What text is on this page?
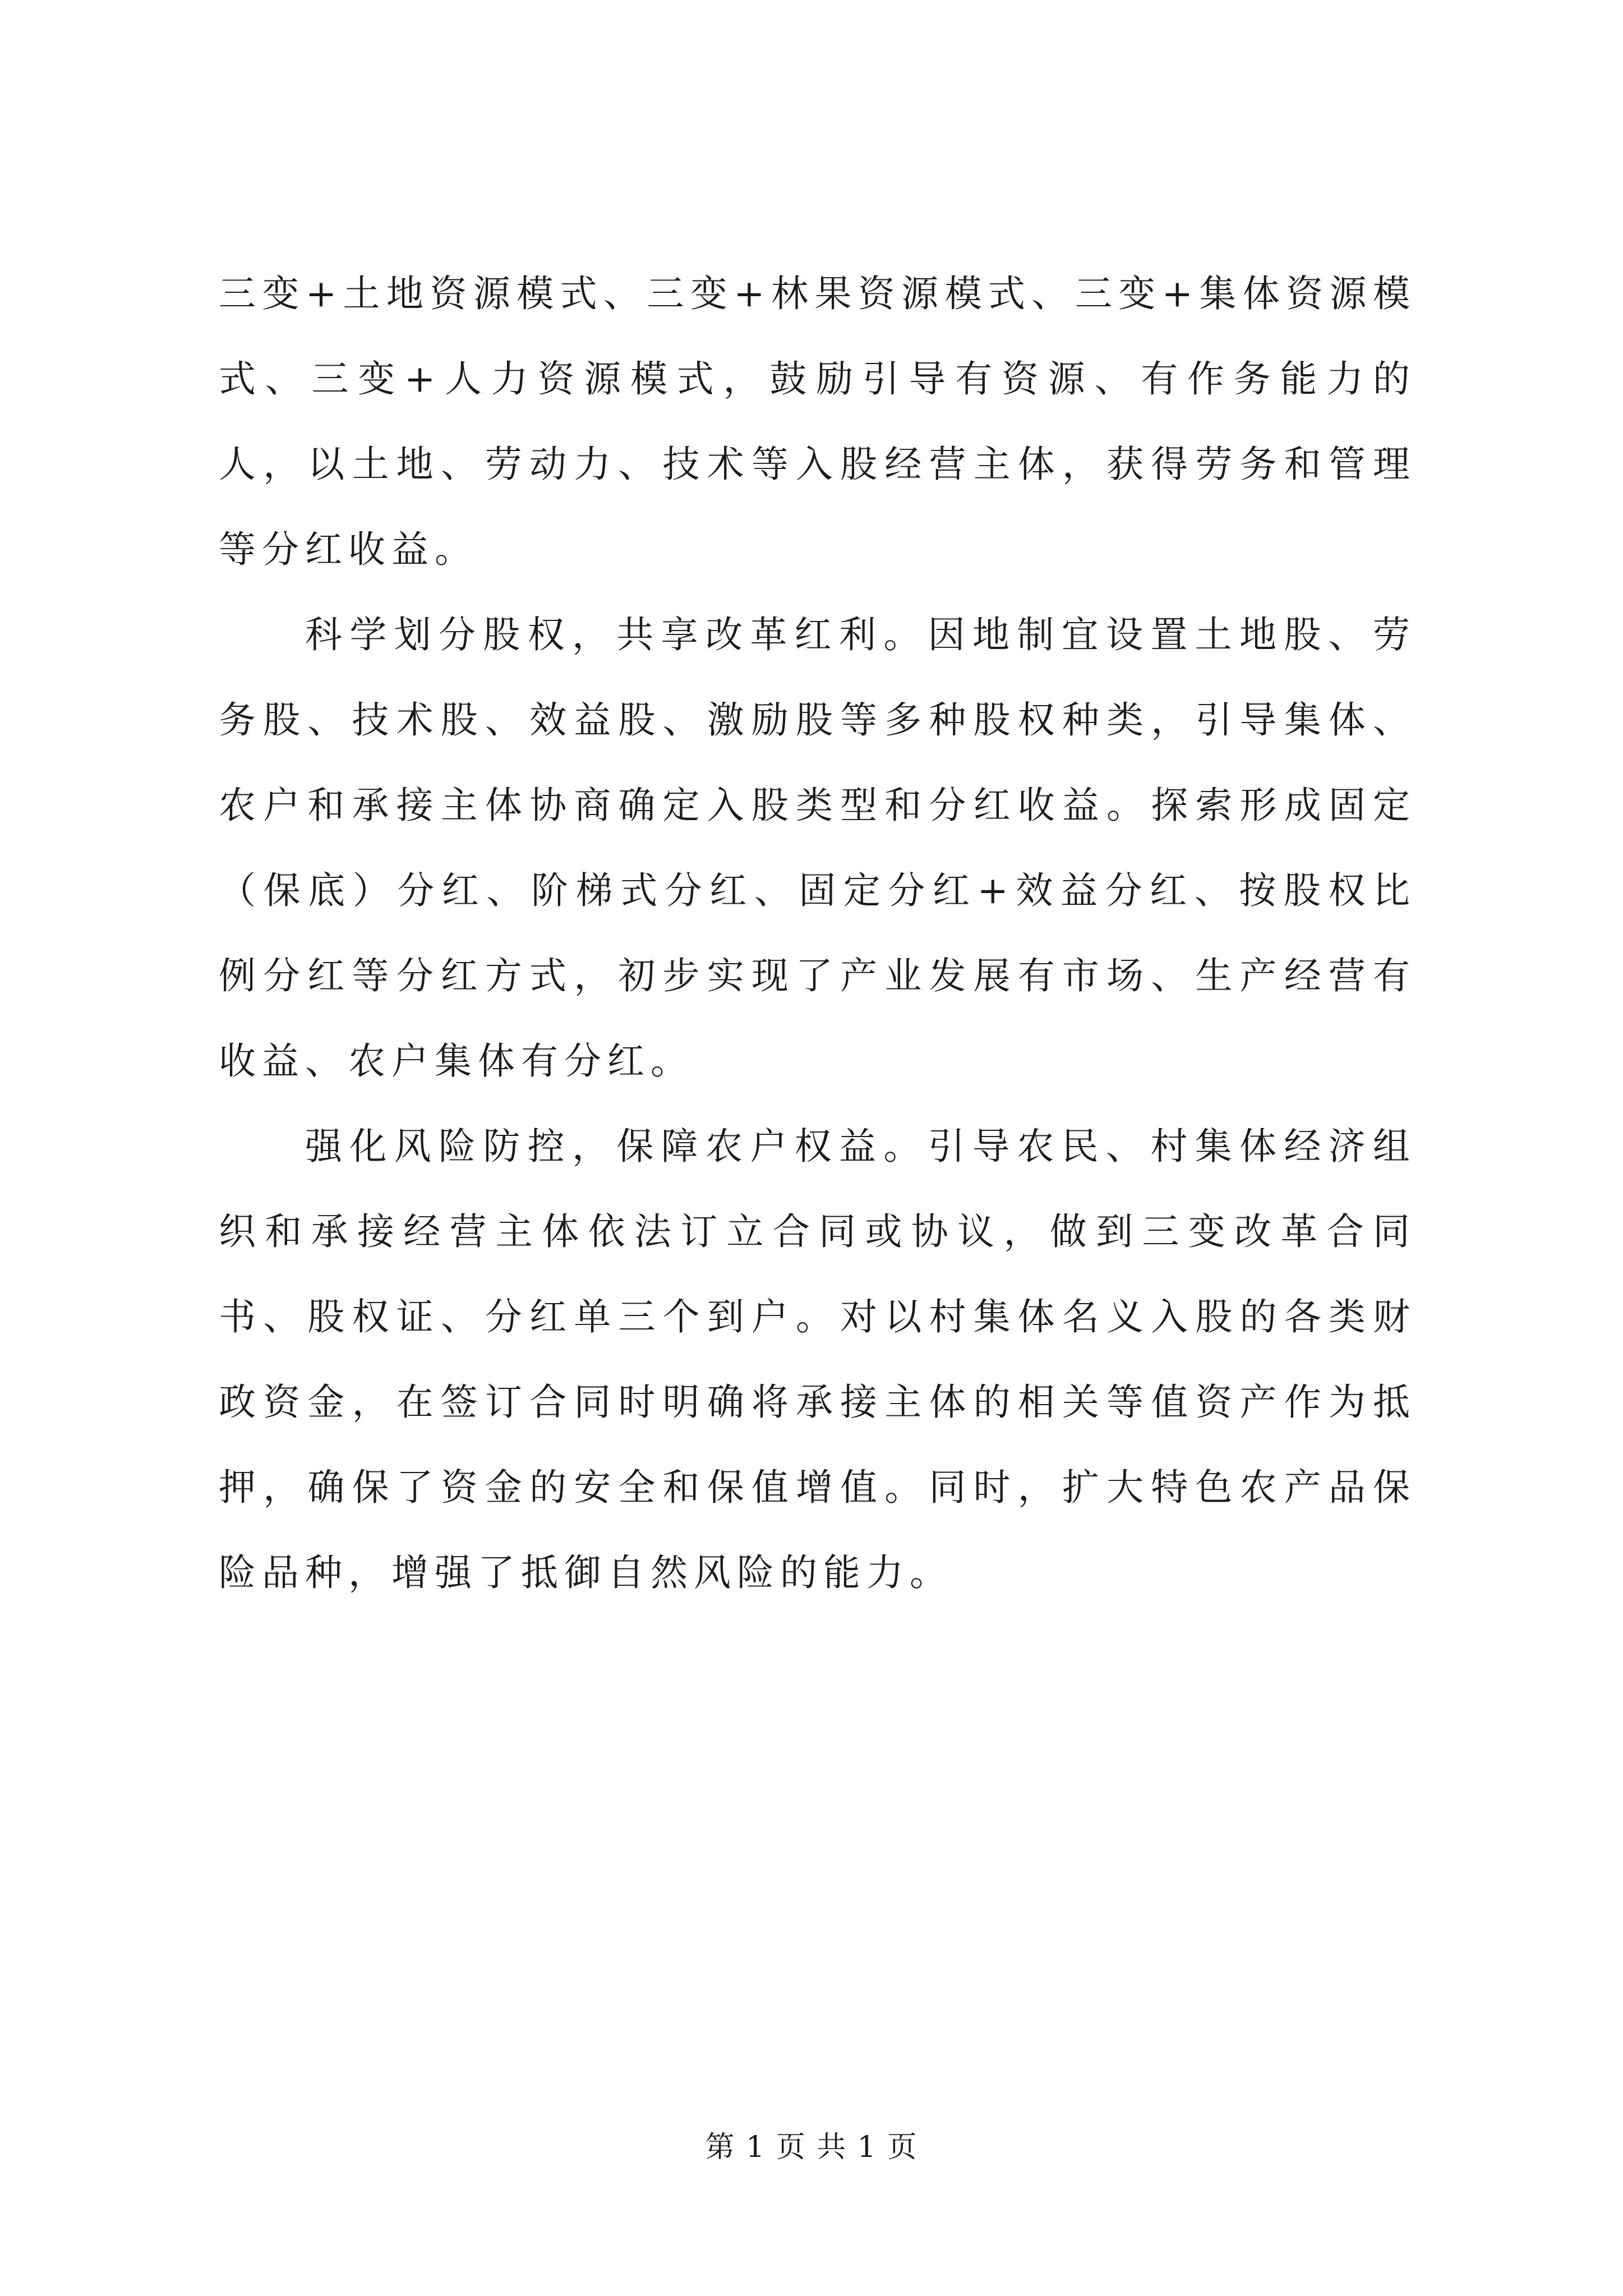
三变+土地资源模式、三变+林果资源模式、三变+集体资源模式、三变+人力资源模式，鼓励引导有资源、有作务能力的人，以土地、劳动力、技术等入股经营主体，获得劳务和管理等分红收益。

科学划分股权，共享改革红利。因地制宜设置土地股、劳务股、技术股、效益股、激励股等多种股权种类，引导集体、农户和承接主体协商确定入股类型和分红收益。探索形成固定（保底）分红、阶梯式分红、固定分红+效益分红、按股权比例分红等分红方式，初步实现了产业发展有市场、生产经营有收益、农户集体有分红。

强化风险防控，保障农户权益。引导农民、村集体经济组织和承接经营主体依法订立合同或协议，做到三变改革合同书、股权证、分红单三个到户。对以村集体名义入股的各类财政资金，在签订合同时明确将承接主体的相关等值资产作为抵押，确保了资金的安全和保值增值。同时，扩大特色农产品保险品种，增强了抵御自然风险的能力。

第 1 页 共 1 页
